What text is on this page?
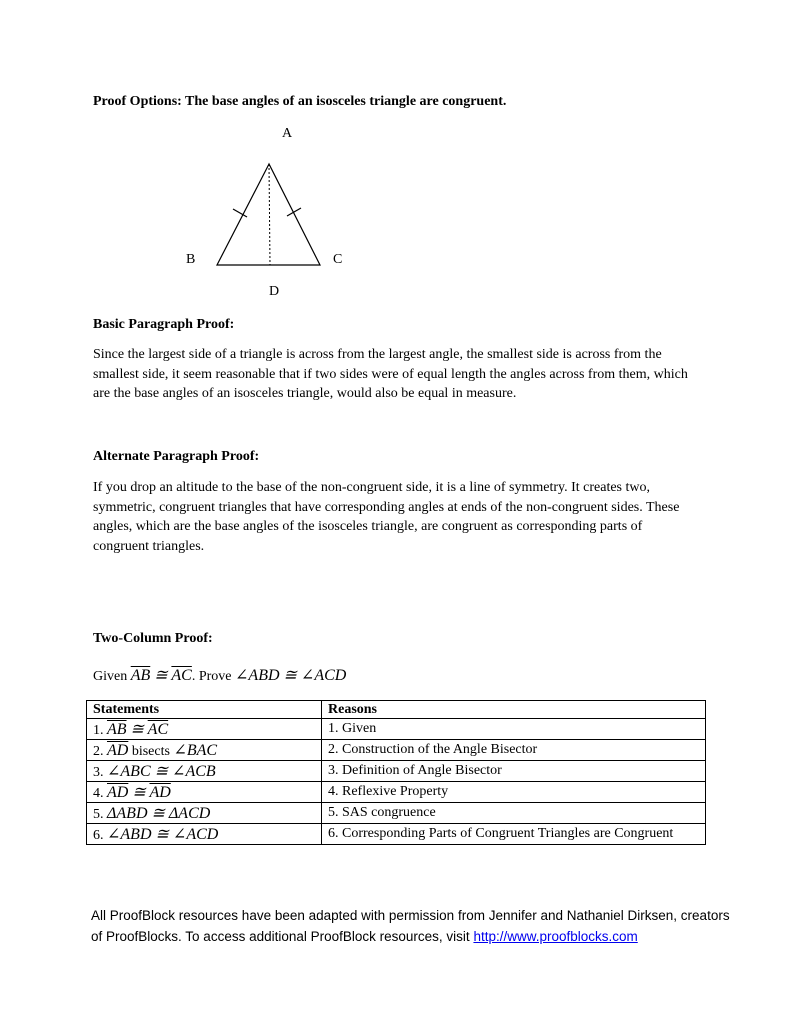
Proof Options: The base angles of an isosceles triangle are congruent.
A
B	C
D
Basic Paragraph Proof:
Since the largest side of a triangle is across from the largest angle, the smallest side is across from the
smallest side, it seem reasonable that if two sides were of equal length the angles across from them, which
are the base angles of an isosceles triangle, would also be equal in measure.
Alternate Paragraph Proof:
If you drop an altitude to the base of the non-congruent side, it is a line of symmetry. It creates two,
symmetric, congruent triangles that have corresponding angles at ends of the non-congruent sides. These
angles, which are the base angles of the isosceles triangle, are congruent as corresponding parts of
congruent triangles.
Two-Column Proof:
Given $\overline{AB}$ ≅ $\overline{AC}$. Prove ∠ABD ≅ ∠ACD
Statements	Reasons
1. $\overline{AB}$ ≅ $\overline{AC}$	1. Given
2. $\overline{AD}$ bisects ∠BAC	2. Construction of the Angle Bisector
3. ∠ABC ≅ ∠ACB	3. Definition of Angle Bisector
4. $\overline{AD}$ ≅ $\overline{AD}$	4. Reflexive Property
5. ΔABD ≅ ΔACD	5. SAS congruence
6. ∠ABD ≅ ∠ACD	6. Corresponding Parts of Congruent Triangles are Congruent
All ProofBlock resources have been adapted with permission from Jennifer and Nathaniel Dirksen, creators
of ProofBlocks. To access additional ProofBlock resources, visit http://www.proofblocks.com
